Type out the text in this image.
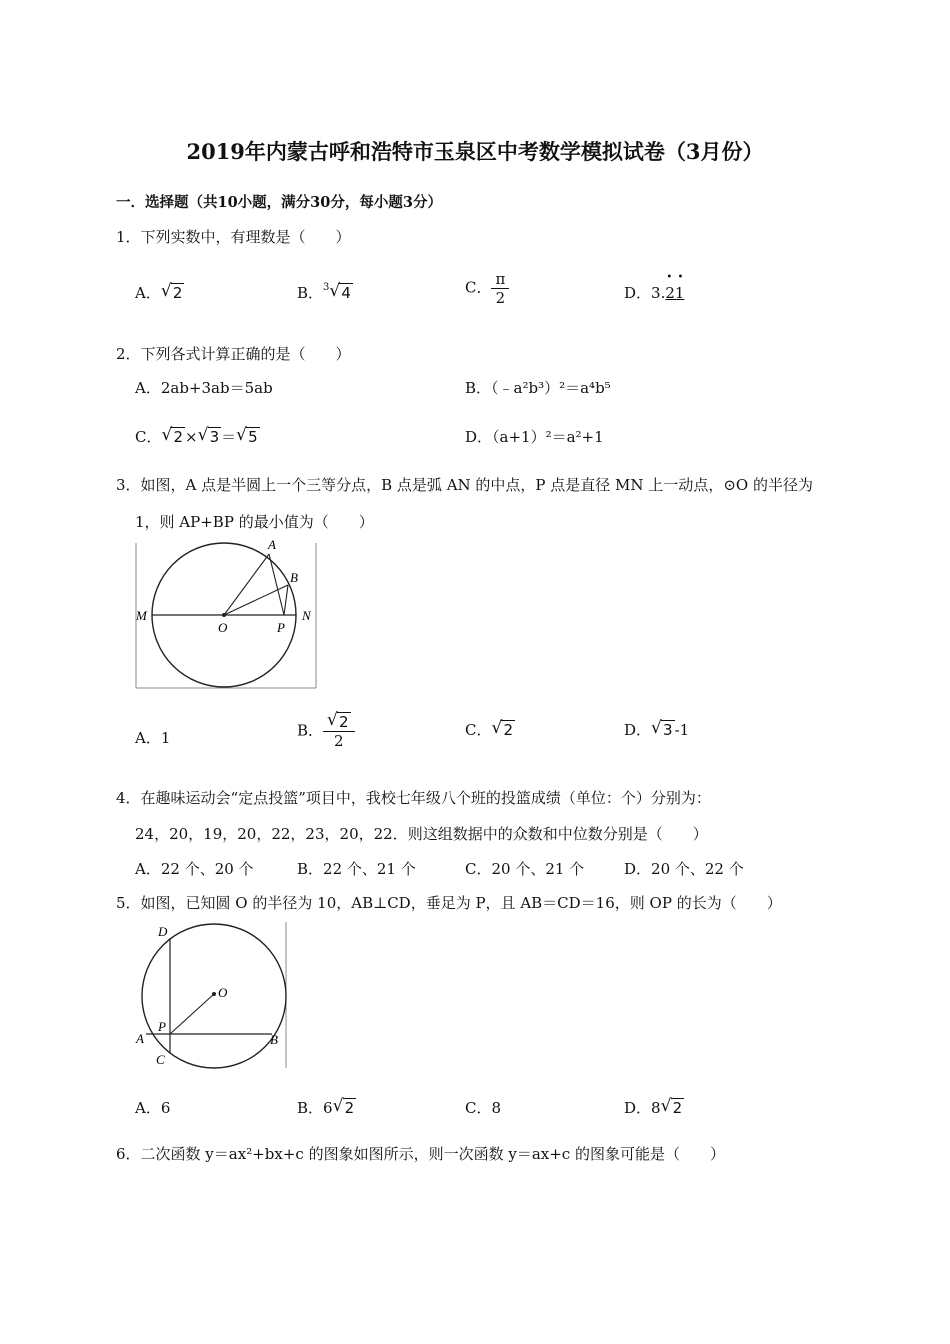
2019年内蒙古呼和浩特市玉泉区中考数学模拟试卷（3月份）
一．选择题（共10小题，满分30分，每小题3分）
1．下列实数中，有理数是（　　）
A． √ 2	B．$^3$ √ 4	C． $\frac{\pi}{2}$	D．3.
• •
21
2．下列各式计算正确的是（　　）
A．2ab+3ab＝5ab	B．（﹣a²b³）²＝a⁴b⁵
C． √ 2 × √ 3 ＝ √ 5	D．（a+1）²＝a²+1
3．如图，A 点是半圆上一个三等分点，B 点是弧 AN 的中点，P 点是直径 MN 上一动点，⊙O 的半径为
1，则 AP+BP 的最小值为（　　）
A
B
M
O	P
N
A．1	B． $\frac{√ 2}{2}$	C． √ 2	D． √ 3 -1
4．在趣味运动会“定点投篮”项目中，我校七年级八个班的投篮成绩（单位：个）分别为：
24，20，19，20，22，23，20，22．则这组数据中的众数和中位数分别是（　　）
A．22 个、20 个	B．22 个、21 个	C．20 个、21 个	D．20 个、22 个
5．如图，已知圆 O 的半径为 10，AB⊥CD，垂足为 P，且 AB＝CD＝16，则 OP 的长为（　　）
D
O
P
A	B
C
A．6	B．6 √ 2	C．8	D．8 √ 2
6．二次函数 y＝ax²+bx+c 的图象如图所示，则一次函数 y＝ax+c 的图象可能是（　　）
